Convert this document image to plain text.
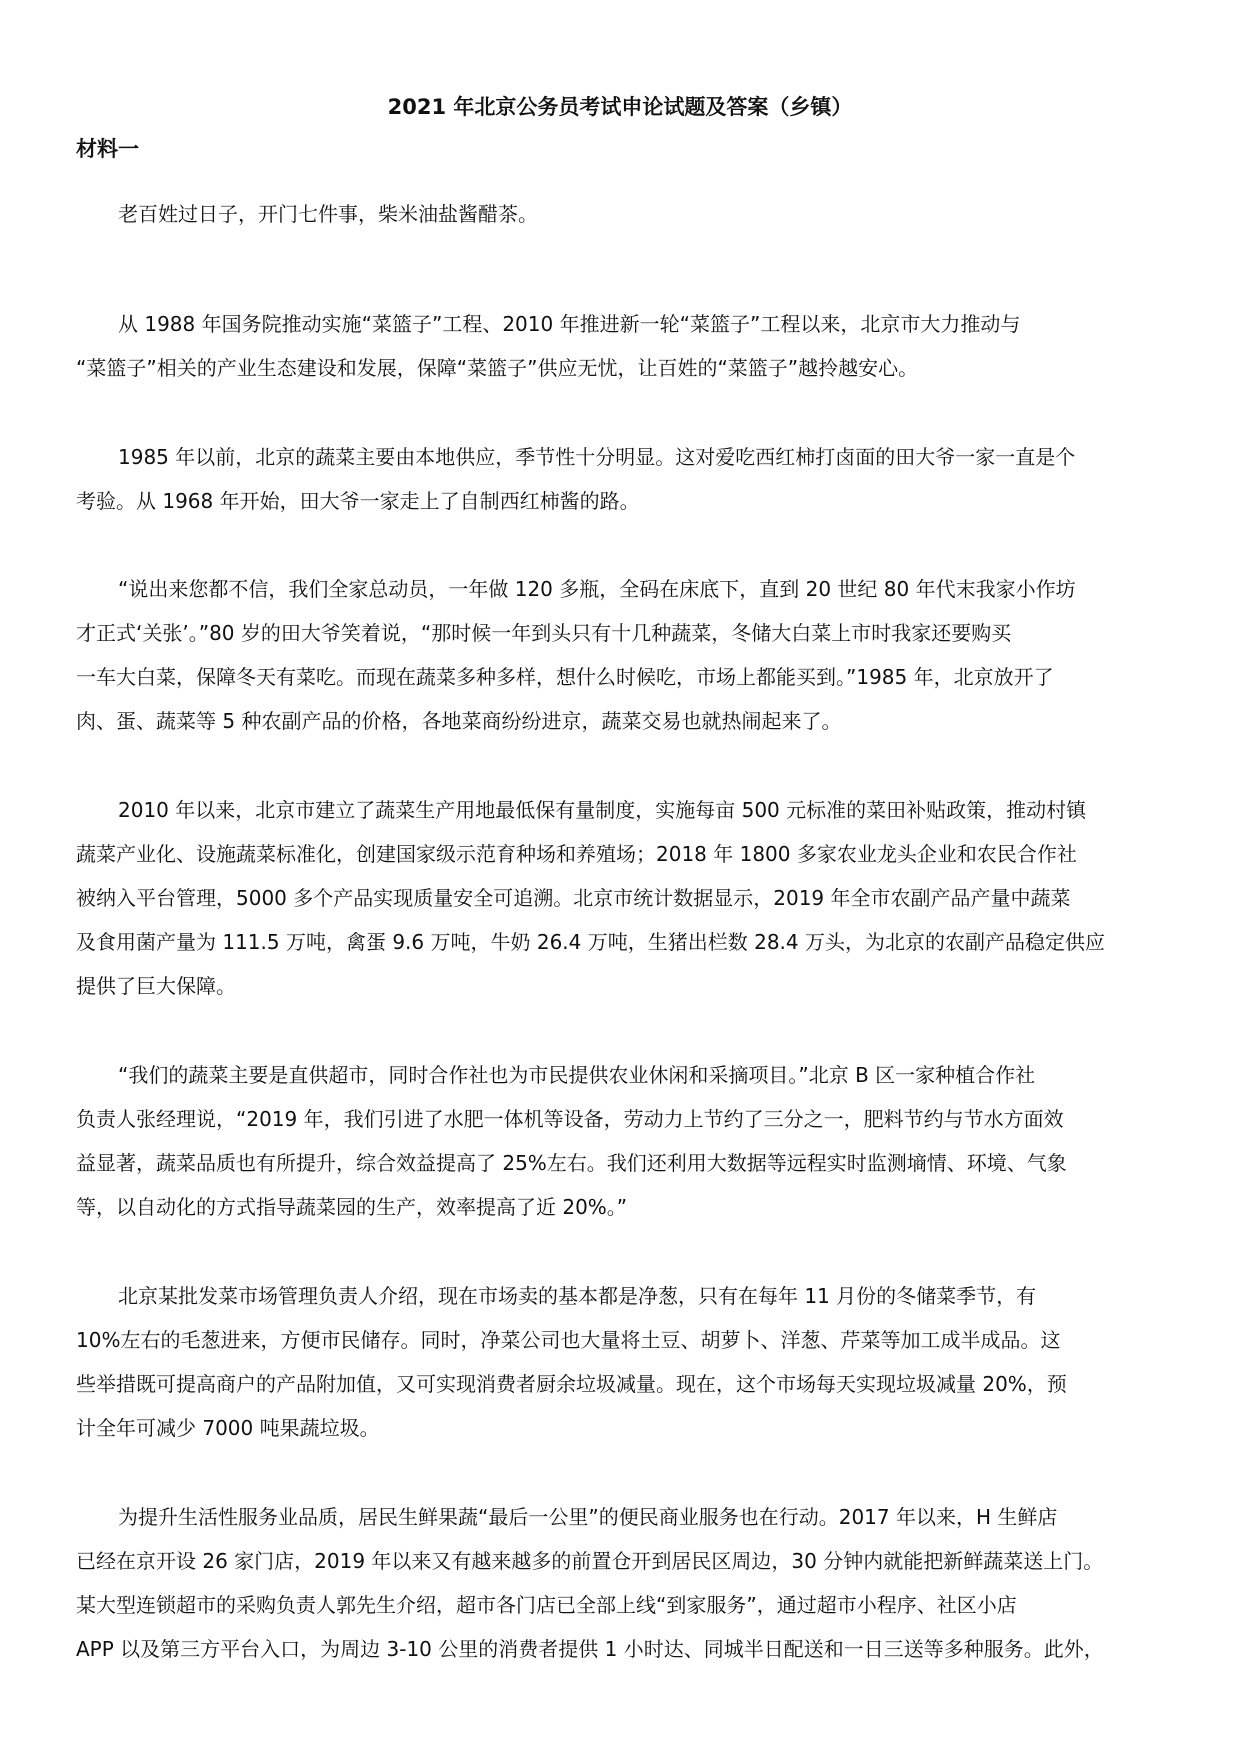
2021 年北京公务员考试申论试题及答案（乡镇）
材料一
老百姓过日子，开门七件事，柴米油盐酱醋茶。
从 1988 年国务院推动实施“菜篮子”工程、2010 年推进新一轮“菜篮子”工程以来，北京市大力推动与
“菜篮子”相关的产业生态建设和发展，保障“菜篮子”供应无忧，让百姓的“菜篮子”越拎越安心。
1985 年以前，北京的蔬菜主要由本地供应，季节性十分明显。这对爱吃西红柿打卤面的田大爷一家一直是个
考验。从 1968 年开始，田大爷一家走上了自制西红柿酱的路。
“说出来您都不信，我们全家总动员，一年做 120 多瓶，全码在床底下，直到 20 世纪 80 年代末我家小作坊
才正式‘关张’。”80 岁的田大爷笑着说，“那时候一年到头只有十几种蔬菜，冬储大白菜上市时我家还要购买
一车大白菜，保障冬天有菜吃。而现在蔬菜多种多样，想什么时候吃，市场上都能买到。”1985 年，北京放开了
肉、蛋、蔬菜等 5 种农副产品的价格，各地菜商纷纷进京，蔬菜交易也就热闹起来了。
2010 年以来，北京市建立了蔬菜生产用地最低保有量制度，实施每亩 500 元标准的菜田补贴政策，推动村镇
蔬菜产业化、设施蔬菜标准化，创建国家级示范育种场和养殖场；2018 年 1800 多家农业龙头企业和农民合作社
被纳入平台管理，5000 多个产品实现质量安全可追溯。北京市统计数据显示，2019 年全市农副产品产量中蔬菜
及食用菌产量为 111.5 万吨，禽蛋 9.6 万吨，牛奶 26.4 万吨，生猪出栏数 28.4 万头，为北京的农副产品稳定供应
提供了巨大保障。
“我们的蔬菜主要是直供超市，同时合作社也为市民提供农业休闲和采摘项目。”北京 B 区一家种植合作社
负责人张经理说，“2019 年，我们引进了水肥一体机等设备，劳动力上节约了三分之一，肥料节约与节水方面效
益显著，蔬菜品质也有所提升，综合效益提高了 25%左右。我们还利用大数据等远程实时监测墒情、环境、气象
等，以自动化的方式指导蔬菜园的生产，效率提高了近 20%。”
北京某批发菜市场管理负责人介绍，现在市场卖的基本都是净葱，只有在每年 11 月份的冬储菜季节，有
10%左右的毛葱进来，方便市民储存。同时，净菜公司也大量将土豆、胡萝卜、洋葱、芹菜等加工成半成品。这
些举措既可提高商户的产品附加值，又可实现消费者厨余垃圾减量。现在，这个市场每天实现垃圾减量 20%，预
计全年可减少 7000 吨果蔬垃圾。
为提升生活性服务业品质，居民生鲜果蔬“最后一公里”的便民商业服务也在行动。2017 年以来，H 生鲜店
已经在京开设 26 家门店，2019 年以来又有越来越多的前置仓开到居民区周边，30 分钟内就能把新鲜蔬菜送上门。
某大型连锁超市的采购负责人郭先生介绍，超市各门店已全部上线“到家服务”，通过超市小程序、社区小店
APP 以及第三方平台入口，为周边 3-10 公里的消费者提供 1 小时达、同城半日配送和一日三送等多种服务。此外，
